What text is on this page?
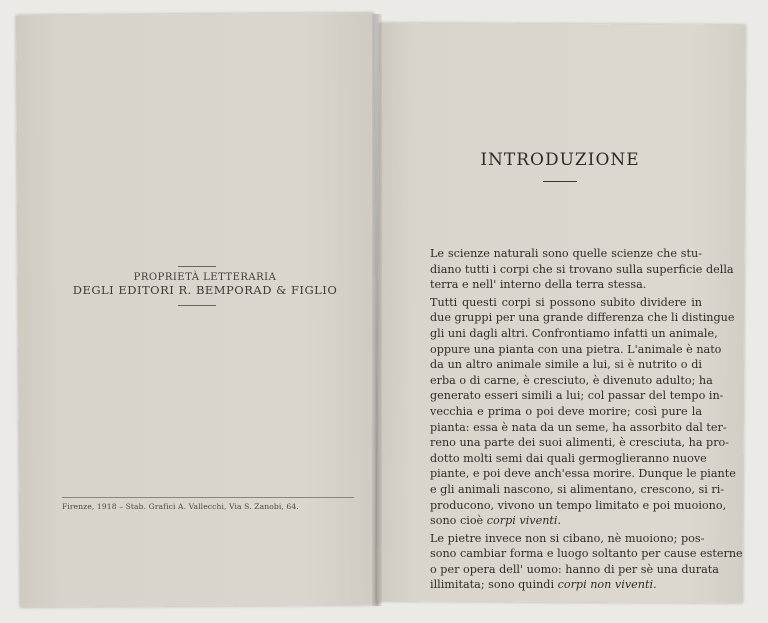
PROPRIETÀ LETTERARIA
DEGLI EDITORI R. BEMPORAD & FIGLIO
Firenze, 1918 – Stab. Grafici A. Vallecchi, Via S. Zanobi, 64.
INTRODUZIONE

Le scienze naturali sono quelle scienze che stu-
diano tutti i corpi che si trovano sulla superficie della
terra e nell' interno della terra stessa.

Tutti questi corpi si possono subito dividere in
due gruppi per una grande differenza che li distingue
gli uni dagli altri. Confrontiamo infatti un animale,
oppure una pianta con una pietra. L'animale è nato
da un altro animale simile a lui, si è nutrito o di
erba o di carne, è cresciuto, è divenuto adulto; ha
generato esseri simili a lui; col passar del tempo in-
vecchia e prima o poi deve morire; così pure la
pianta: essa è nata da un seme, ha assorbito dal ter-
reno una parte dei suoi alimenti, è cresciuta, ha pro-
dotto molti semi dai quali germoglieranno nuove
piante, e poi deve anch'essa morire. Dunque le piante
e gli animali nascono, si alimentano, crescono, si ri-
producono, vivono un tempo limitato e poi muoiono,
sono cioè corpi viventi.

Le pietre invece non si cibano, nè muoiono; pos-
sono cambiar forma e luogo soltanto per cause esterne
o per opera dell' uomo: hanno di per sè una durata
illimitata; sono quindi corpi non viventi.
